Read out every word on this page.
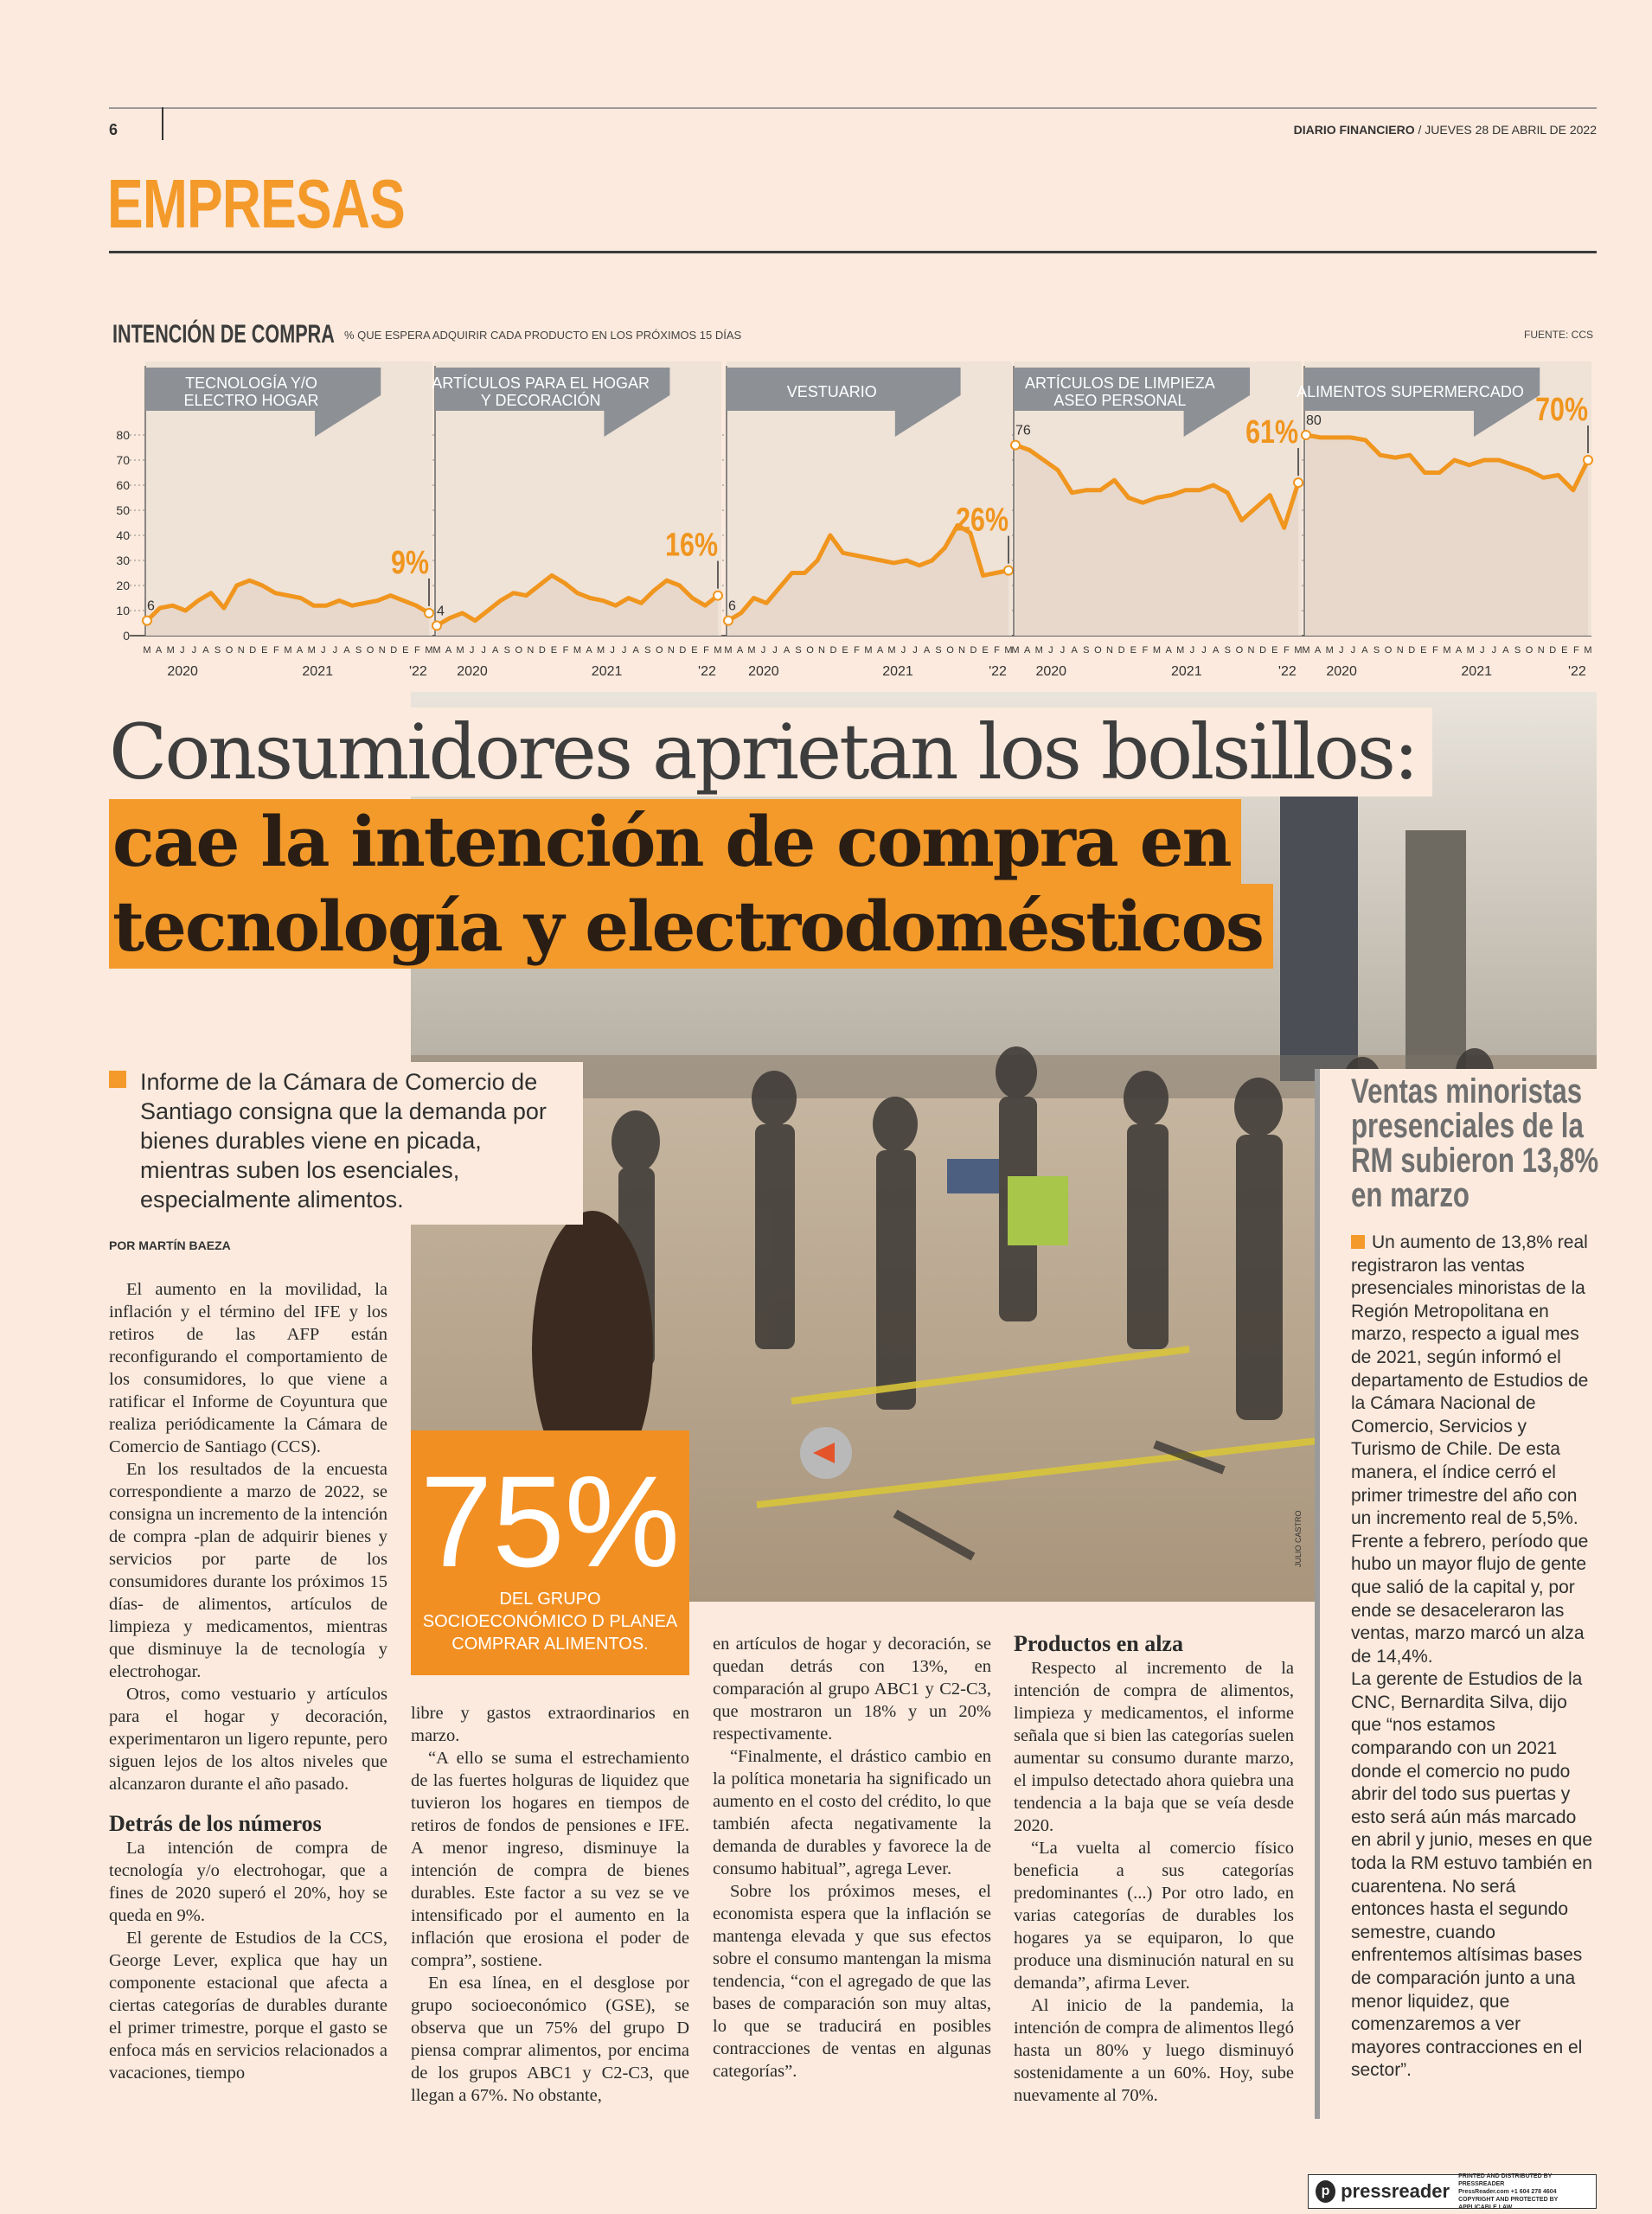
6	DIARIO FINANCIERO / JUEVES 28 DE ABRIL DE 2022
EMPRESAS
INTENCIÓN DE COMPRA % QUE ESPERA ADQUIRIR CADA PRODUCTO EN LOS PRÓXIMOS 15 DÍAS	FUENTE: CCS
0
10
20
30
40
50
60
70
80
TECNOLOGÍA Y/O
ELECTRO HOGAR
6
9%
M A M J J A S O N D E F M A M J J A S O N D E F M
2020	2021	'22
ARTÍCULOS PARA EL HOGAR
Y DECORACIÓN
4
16%
M A M J J A S O N D E F M A M J J A S O N D E F M
2020	2021	'22
VESTUARIO
6
26%
M A M J J A S O N D E F M A M J J A S O N D E F M
2020	2021	'22
ARTÍCULOS DE LIMPIEZA
ASEO PERSONAL
76	61%
M A M J J A S O N D E F M A M J J A S O N D E F M
2020	2021	'22
ALIMENTOS SUPERMERCADO
80	70%
M A M J J A S O N D E F M A M J J A S O N D E F M
2020	2021	'22
Consumidores aprietan los bolsillos:
cae la intención de compra en
tecnología y electrodomésticos

Informe de la Cámara de Comercio de Santiago consigna que la demanda por bienes durables viene en picada, mientras suben los esenciales, especialmente alimentos.

POR MARTÍN BAEZA
75%
DEL GRUPO SOCIOECONÓMICO D PLANEA COMPRAR ALIMENTOS.
JULIO CASTRO

El aumento en la movilidad, la inflación y el término del IFE y los retiros de las AFP están reconfigurando el comportamiento de los consumidores, lo que viene a ratificar el Informe de Coyuntura que realiza periódicamente la Cámara de Comercio de Santiago (CCS).

En los resultados de la encuesta correspondiente a marzo de 2022, se consigna un incremento de la intención de compra -plan de adquirir bienes y servicios por parte de los consumidores durante los próximos 15 días- de alimentos, artículos de limpieza y medicamentos, mientras que disminuye la de tecnología y electrohogar.

Otros, como vestuario y artículos para el hogar y decoración, experimentaron un ligero repunte, pero siguen lejos de los altos niveles que alcanzaron durante el año pasado.

Detrás de los números

La intención de compra de tecnología y/o electrohogar, que a fines de 2020 superó el 20%, hoy se queda en 9%.

El gerente de Estudios de la CCS, George Lever, explica que hay un componente estacional que afecta a ciertas categorías de durables durante el primer trimestre, porque el gasto se enfoca más en servicios relacionados a vacaciones, tiempo

libre y gastos extraordinarios en marzo.

“A ello se suma el estrechamiento de las fuertes holguras de liquidez que tuvieron los hogares en tiempos de retiros de fondos de pensiones e IFE. A menor ingreso, disminuye la intención de compra de bienes durables. Este factor a su vez se ve intensificado por el aumento en la inflación que erosiona el poder de compra”, sostiene.

En esa línea, en el desglose por grupo socioeconómico (GSE), se observa que un 75% del grupo D piensa comprar alimentos, por encima de los grupos ABC1 y C2-C3, que llegan a 67%. No obstante,

en artículos de hogar y decoración, se quedan detrás con 13%, en comparación al grupo ABC1 y C2-C3, que mostraron un 18% y un 20% respectivamente.

“Finalmente, el drástico cambio en la política monetaria ha significado un aumento en el costo del crédito, lo que también afecta negativamente la demanda de durables y favorece la de consumo habitual”, agrega Lever.

Sobre los próximos meses, el economista espera que la inflación se mantenga elevada y que sus efectos sobre el consumo mantengan la misma tendencia, “con el agregado de que las bases de comparación son muy altas, lo que se traducirá en posibles contracciones de ventas en algunas categorías”.

Productos en alza

Respecto al incremento de la intención de compra de alimentos, limpieza y medicamentos, el informe señala que si bien las categorías suelen aumentar su consumo durante marzo, el impulso detectado ahora quiebra una tendencia a la baja que se veía desde 2020.

“La vuelta al comercio físico beneficia a sus categorías predominantes (...) Por otro lado, en varias categorías de durables los hogares ya se equiparon, lo que produce una disminución natural en su demanda”, afirma Lever.

Al inicio de la pandemia, la intención de compra de alimentos llegó hasta un 80% y luego disminuyó sostenidamente a un 60%. Hoy, sube nuevamente al 70%.

Ventas minoristas presenciales de la RM subieron 13,8% en marzo

Un aumento de 13,8% real registraron las ventas presenciales minoristas de la Región Metropolitana en marzo, respecto a igual mes de 2021, según informó el departamento de Estudios de la Cámara Nacional de Comercio, Servicios y Turismo de Chile. De esta manera, el índice cerró el primer trimestre del año con un incremento real de 5,5%. Frente a febrero, período que hubo un mayor flujo de gente que salió de la capital y, por ende se desaceleraron las ventas, marzo marcó un alza de 14,4%.

La gerente de Estudios de la CNC, Bernardita Silva, dijo que “nos estamos comparando con un 2021 donde el comercio no pudo abrir del todo sus puertas y esto será aún más marcado en abril y junio, meses en que toda la RM estuvo también en cuarentena. No será entonces hasta el segundo semestre, cuando enfrentemos altísimas bases de comparación junto a una menor liquidez, que comenzaremos a ver mayores contracciones en el sector”.

p pressreader
PRINTED AND DISTRIBUTED BY PRESSREADER
PressReader.com +1 604 278 4604
COPYRIGHT AND PROTECTED BY APPLICABLE LAW
